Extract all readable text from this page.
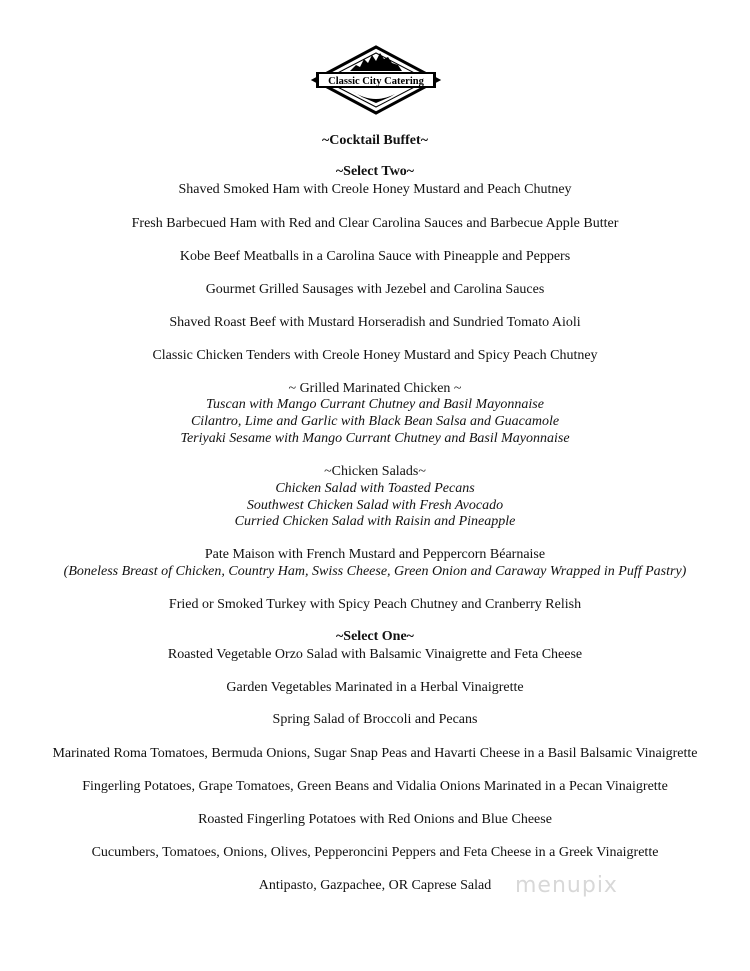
Classic City Catering
~Cocktail Buffet~
~Select Two~
Shaved Smoked Ham with Creole Honey Mustard and Peach Chutney
Fresh Barbecued Ham with Red and Clear Carolina Sauces and Barbecue Apple Butter
Kobe Beef Meatballs in a Carolina Sauce with Pineapple and Peppers
Gourmet Grilled Sausages with Jezebel and Carolina Sauces
Shaved Roast Beef with Mustard Horseradish and Sundried Tomato Aioli
Classic Chicken Tenders with Creole Honey Mustard and Spicy Peach Chutney
~ Grilled Marinated Chicken ~
Tuscan with Mango Currant Chutney and Basil Mayonnaise
Cilantro, Lime and Garlic with Black Bean Salsa and Guacamole
Teriyaki Sesame with Mango Currant Chutney and Basil Mayonnaise
~Chicken Salads~
Chicken Salad with Toasted Pecans
Southwest Chicken Salad with Fresh Avocado
Curried Chicken Salad with Raisin and Pineapple
Pate Maison with French Mustard and Peppercorn Béarnaise
(Boneless Breast of Chicken, Country Ham, Swiss Cheese, Green Onion and Caraway Wrapped in Puff Pastry)
Fried or Smoked Turkey with Spicy Peach Chutney and Cranberry Relish
~Select One~
Roasted Vegetable Orzo Salad with Balsamic Vinaigrette and Feta Cheese
Garden Vegetables Marinated in a Herbal Vinaigrette
Spring Salad of Broccoli and Pecans
Marinated Roma Tomatoes, Bermuda Onions, Sugar Snap Peas and Havarti Cheese in a Basil Balsamic Vinaigrette
Fingerling Potatoes, Grape Tomatoes, Green Beans and Vidalia Onions Marinated in a Pecan Vinaigrette
Roasted Fingerling Potatoes with Red Onions and Blue Cheese
Cucumbers, Tomatoes, Onions, Olives, Pepperoncini Peppers and Feta Cheese in a Greek Vinaigrette
Antipasto, Gazpachee, OR Caprese Salad	menupix
